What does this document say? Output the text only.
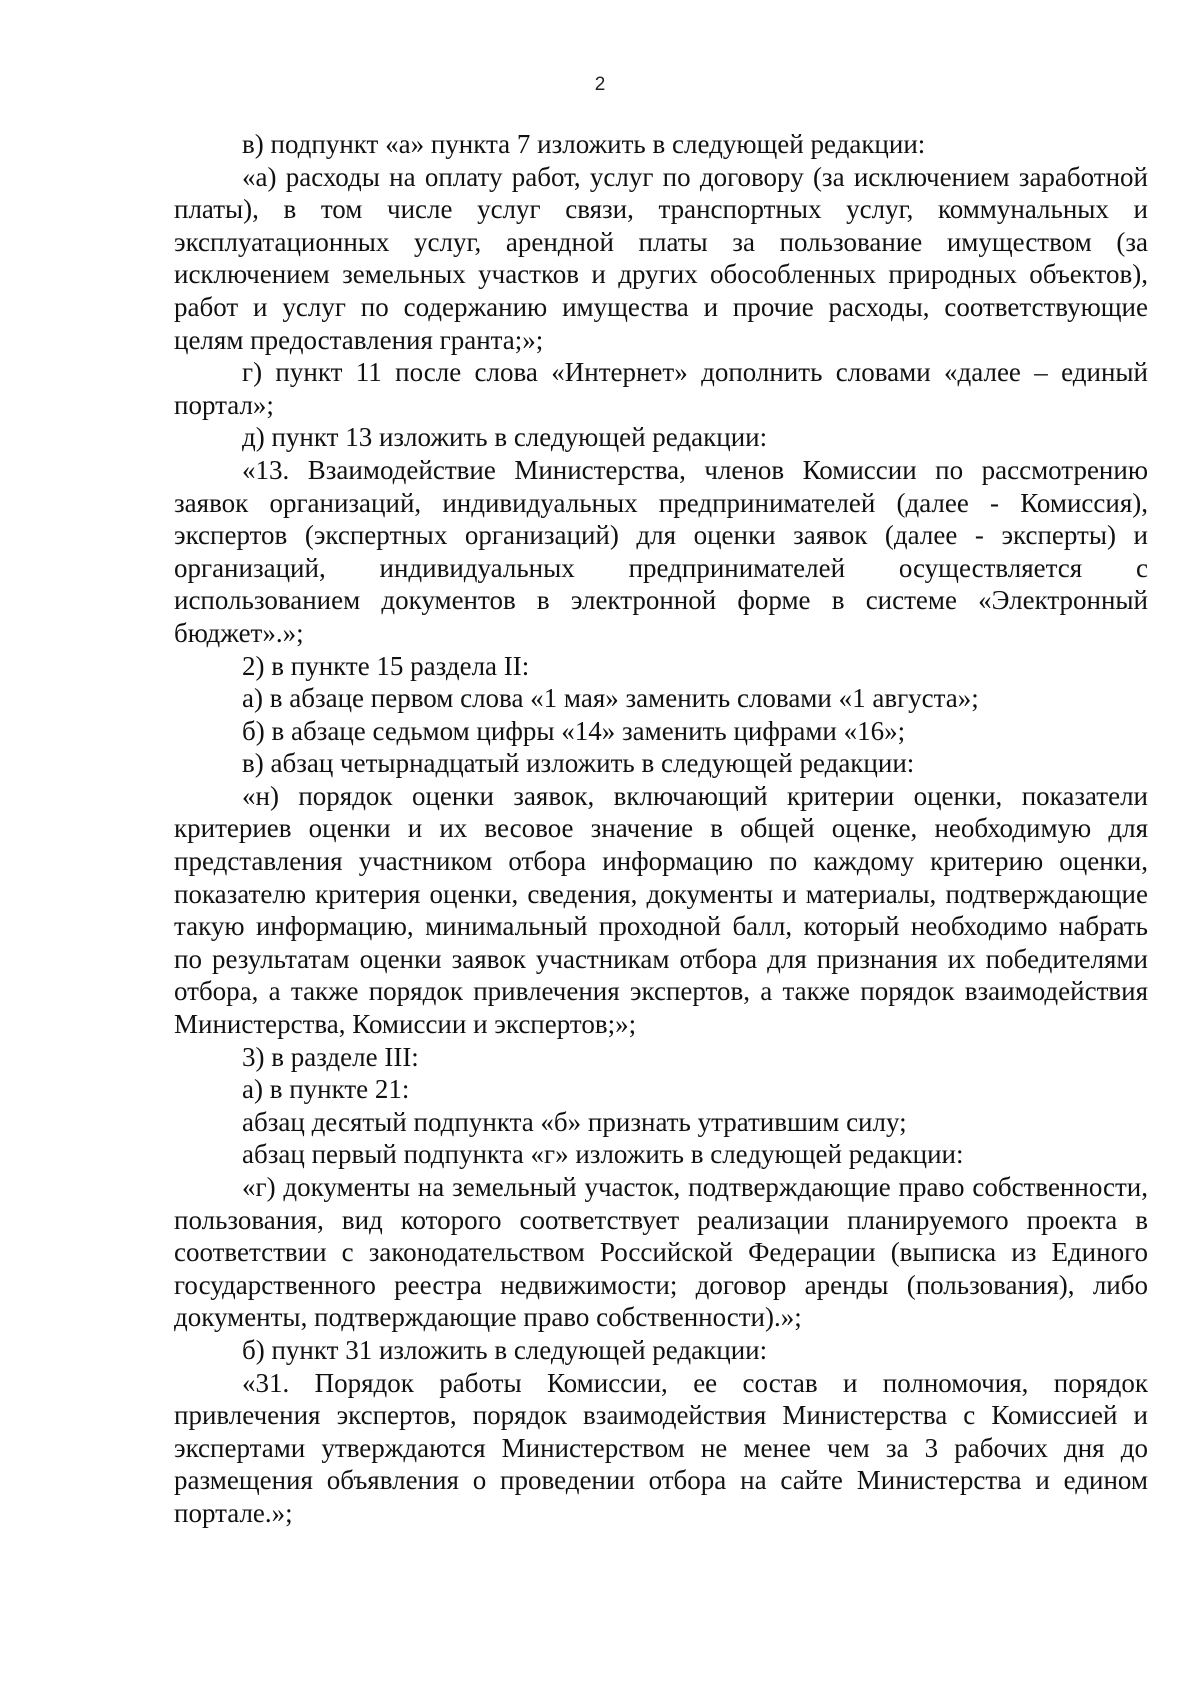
2

в) подпункт «а» пункта 7 изложить в следующей редакции:

«а) расходы на оплату работ, услуг по договору (за исключением заработной платы), в том числе услуг связи, транспортных услуг, коммунальных и эксплуатационных услуг, арендной платы за пользование имуществом (за исключением земельных участков и других обособленных природных объектов), работ и услуг по содержанию имущества и прочие расходы, соответствующие целям предоставления гранта;»;

г) пункт 11 после слова «Интернет» дополнить словами «далее – единый портал»;

д) пункт 13 изложить в следующей редакции:

«13. Взаимодействие Министерства, членов Комиссии по рассмотрению заявок организаций, индивидуальных предпринимателей (далее - Комиссия), экспертов (экспертных организаций) для оценки заявок (далее - эксперты) и организаций, индивидуальных предпринимателей осуществляется с использованием документов в электронной форме в системе «Электронный бюджет».»;

2) в пункте 15 раздела II:

а) в абзаце первом слова «1 мая» заменить словами «1 августа»;

б) в абзаце седьмом цифры «14» заменить цифрами «16»;

в) абзац четырнадцатый изложить в следующей редакции:

«н) порядок оценки заявок, включающий критерии оценки, показатели критериев оценки и их весовое значение в общей оценке, необходимую для представления участником отбора информацию по каждому критерию оценки, показателю критерия оценки, сведения, документы и материалы, подтверждающие такую информацию, минимальный проходной балл, который необходимо набрать по результатам оценки заявок участникам отбора для признания их победителями отбора, а также порядок привлечения экспертов, а также порядок взаимодействия Министерства, Комиссии и экспертов;»;

3) в разделе III:

а) в пункте 21:

абзац десятый подпункта «б» признать утратившим силу;

абзац первый подпункта «г» изложить в следующей редакции:

«г) документы на земельный участок, подтверждающие право собственности, пользования, вид которого соответствует реализации планируемого проекта в соответствии с законодательством Российской Федерации (выписка из Единого государственного реестра недвижимости; договор аренды (пользования), либо документы, подтверждающие право собственности).»;

б) пункт 31 изложить в следующей редакции:

«31. Порядок работы Комиссии, ее состав и полномочия, порядок привлечения экспертов, порядок взаимодействия Министерства с Комиссией и экспертами утверждаются Министерством не менее чем за 3 рабочих дня до размещения объявления о проведении отбора на сайте Министерства и едином портале.»;
